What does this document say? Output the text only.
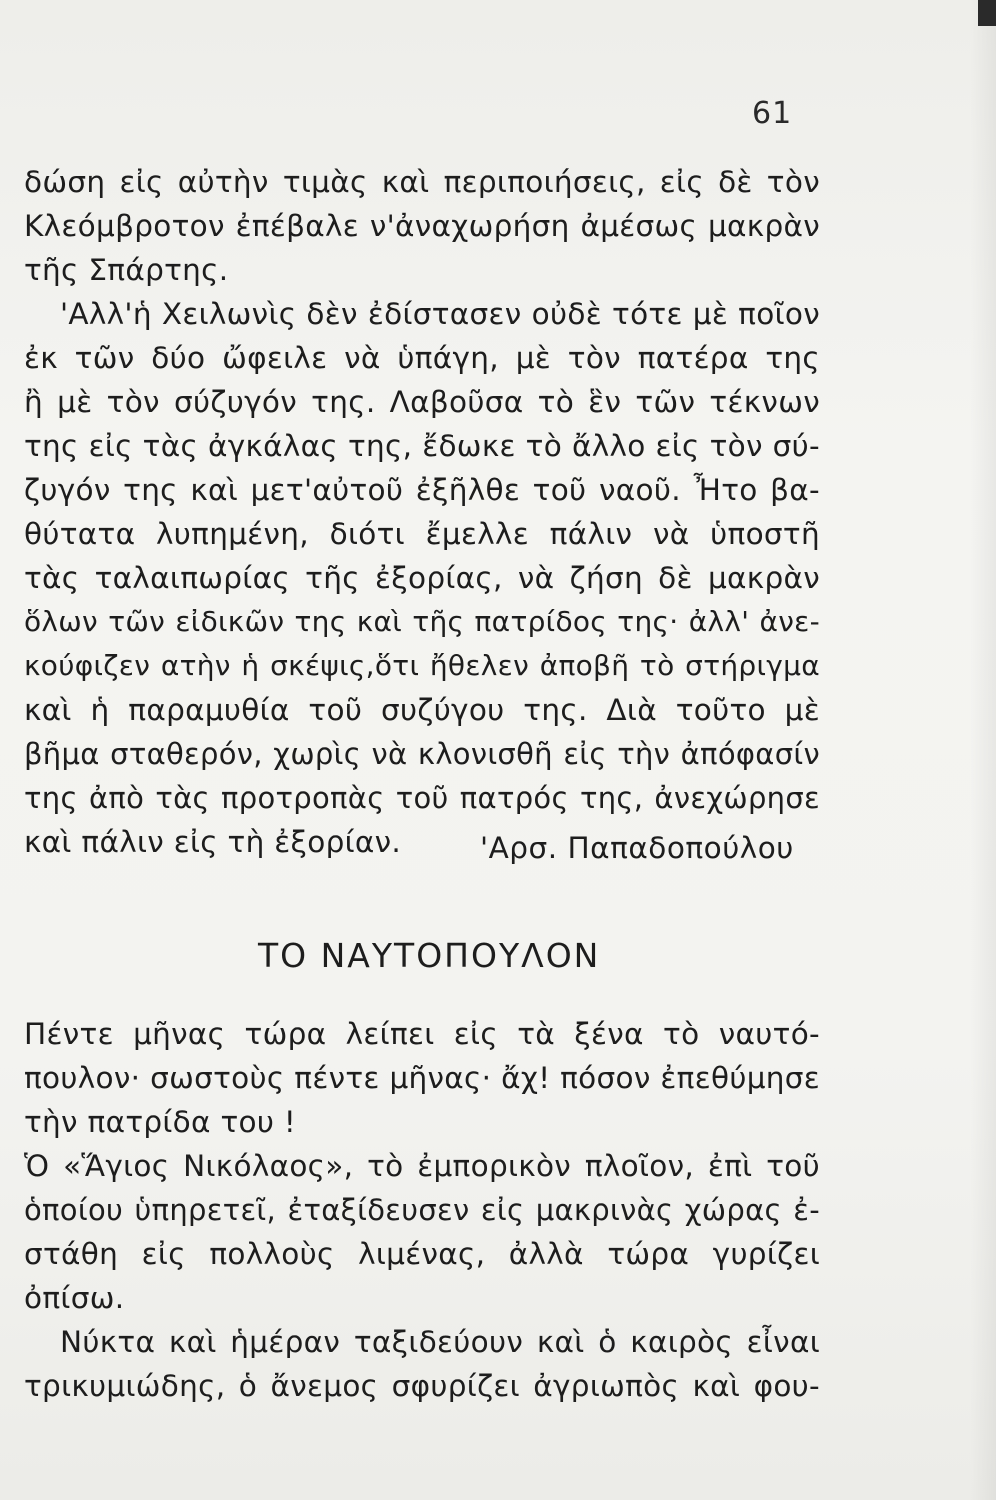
61
δώση εἰς αὐτὴν τιμὰς καὶ περιποιήσεις, εἰς δὲ τὸν
Κλεόμβροτον ἐπέβαλε ν'ἀναχωρήση ἀμέσως μακρὰν
τῆς Σπάρτης.
'Αλλ'ἡ Χειλωνὶς δὲν ἐδίστασεν οὐδὲ τότε μὲ ποῖον
ἐκ τῶν δύο ὤφειλε νὰ ὑπάγη, μὲ τὸν πατέρα της
ἢ μὲ τὸν σύζυγόν της. Λαβοῦσα τὸ ἓν τῶν τέκνων
της εἰς τὰς ἀγκάλας της, ἔδωκε τὸ ἄλλο εἰς τὸν σύ-
ζυγόν της καὶ μετ'αὐτοῦ ἐξῆλθε τοῦ ναοῦ. Ἦτο βα-
θύτατα λυπημένη, διότι ἔμελλε πάλιν νὰ ὑποστῆ
τὰς ταλαιπωρίας τῆς ἐξορίας, νὰ ζήση δὲ μακρὰν
ὅλων τῶν εἰδικῶν της καὶ τῆς πατρίδος της· ἀλλ' ἀνε-
κούφιζεν ατὴν ἡ σκέψις,ὅτι ἤθελεν ἀποβῆ τὸ στήριγμα
καὶ ἡ παραμυθία τοῦ συζύγου της. Διὰ τοῦτο μὲ
βῆμα σταθερόν, χωρὶς νὰ κλονισθῆ εἰς τὴν ἀπόφασίν
της ἀπὸ τὰς προτροπὰς τοῦ πατρός της, ἀνεχώρησε
καὶ πάλιν εἰς τὴ ἐξορίαν.	'Αρσ. Παπαδοπούλου
ΤΟ ΝΑΥΤΟΠΟΥΛΟΝ
Πέντε μῆνας τώρα λείπει εἰς τὰ ξένα τὸ ναυτό-
πουλον· σωστοὺς πέντε μῆνας· ἄχ! πόσον ἐπεθύμησε
τὴν πατρίδα του !
Ὁ «Ἅγιος Νικόλαος», τὸ ἐμπορικὸν πλοῖον, ἐπὶ τοῦ
ὁποίου ὑπηρετεῖ, ἐταξίδευσεν εἰς μακρινὰς χώρας ἐ-
στάθη εἰς πολλοὺς λιμένας, ἀλλὰ τώρα γυρίζει
ὀπίσω.
Νύκτα καὶ ἡμέραν ταξιδεύουν καὶ ὁ καιρὸς εἶναι
τρικυμιώδης, ὁ ἄνεμος σφυρίζει ἀγριωπὸς καὶ φου-
